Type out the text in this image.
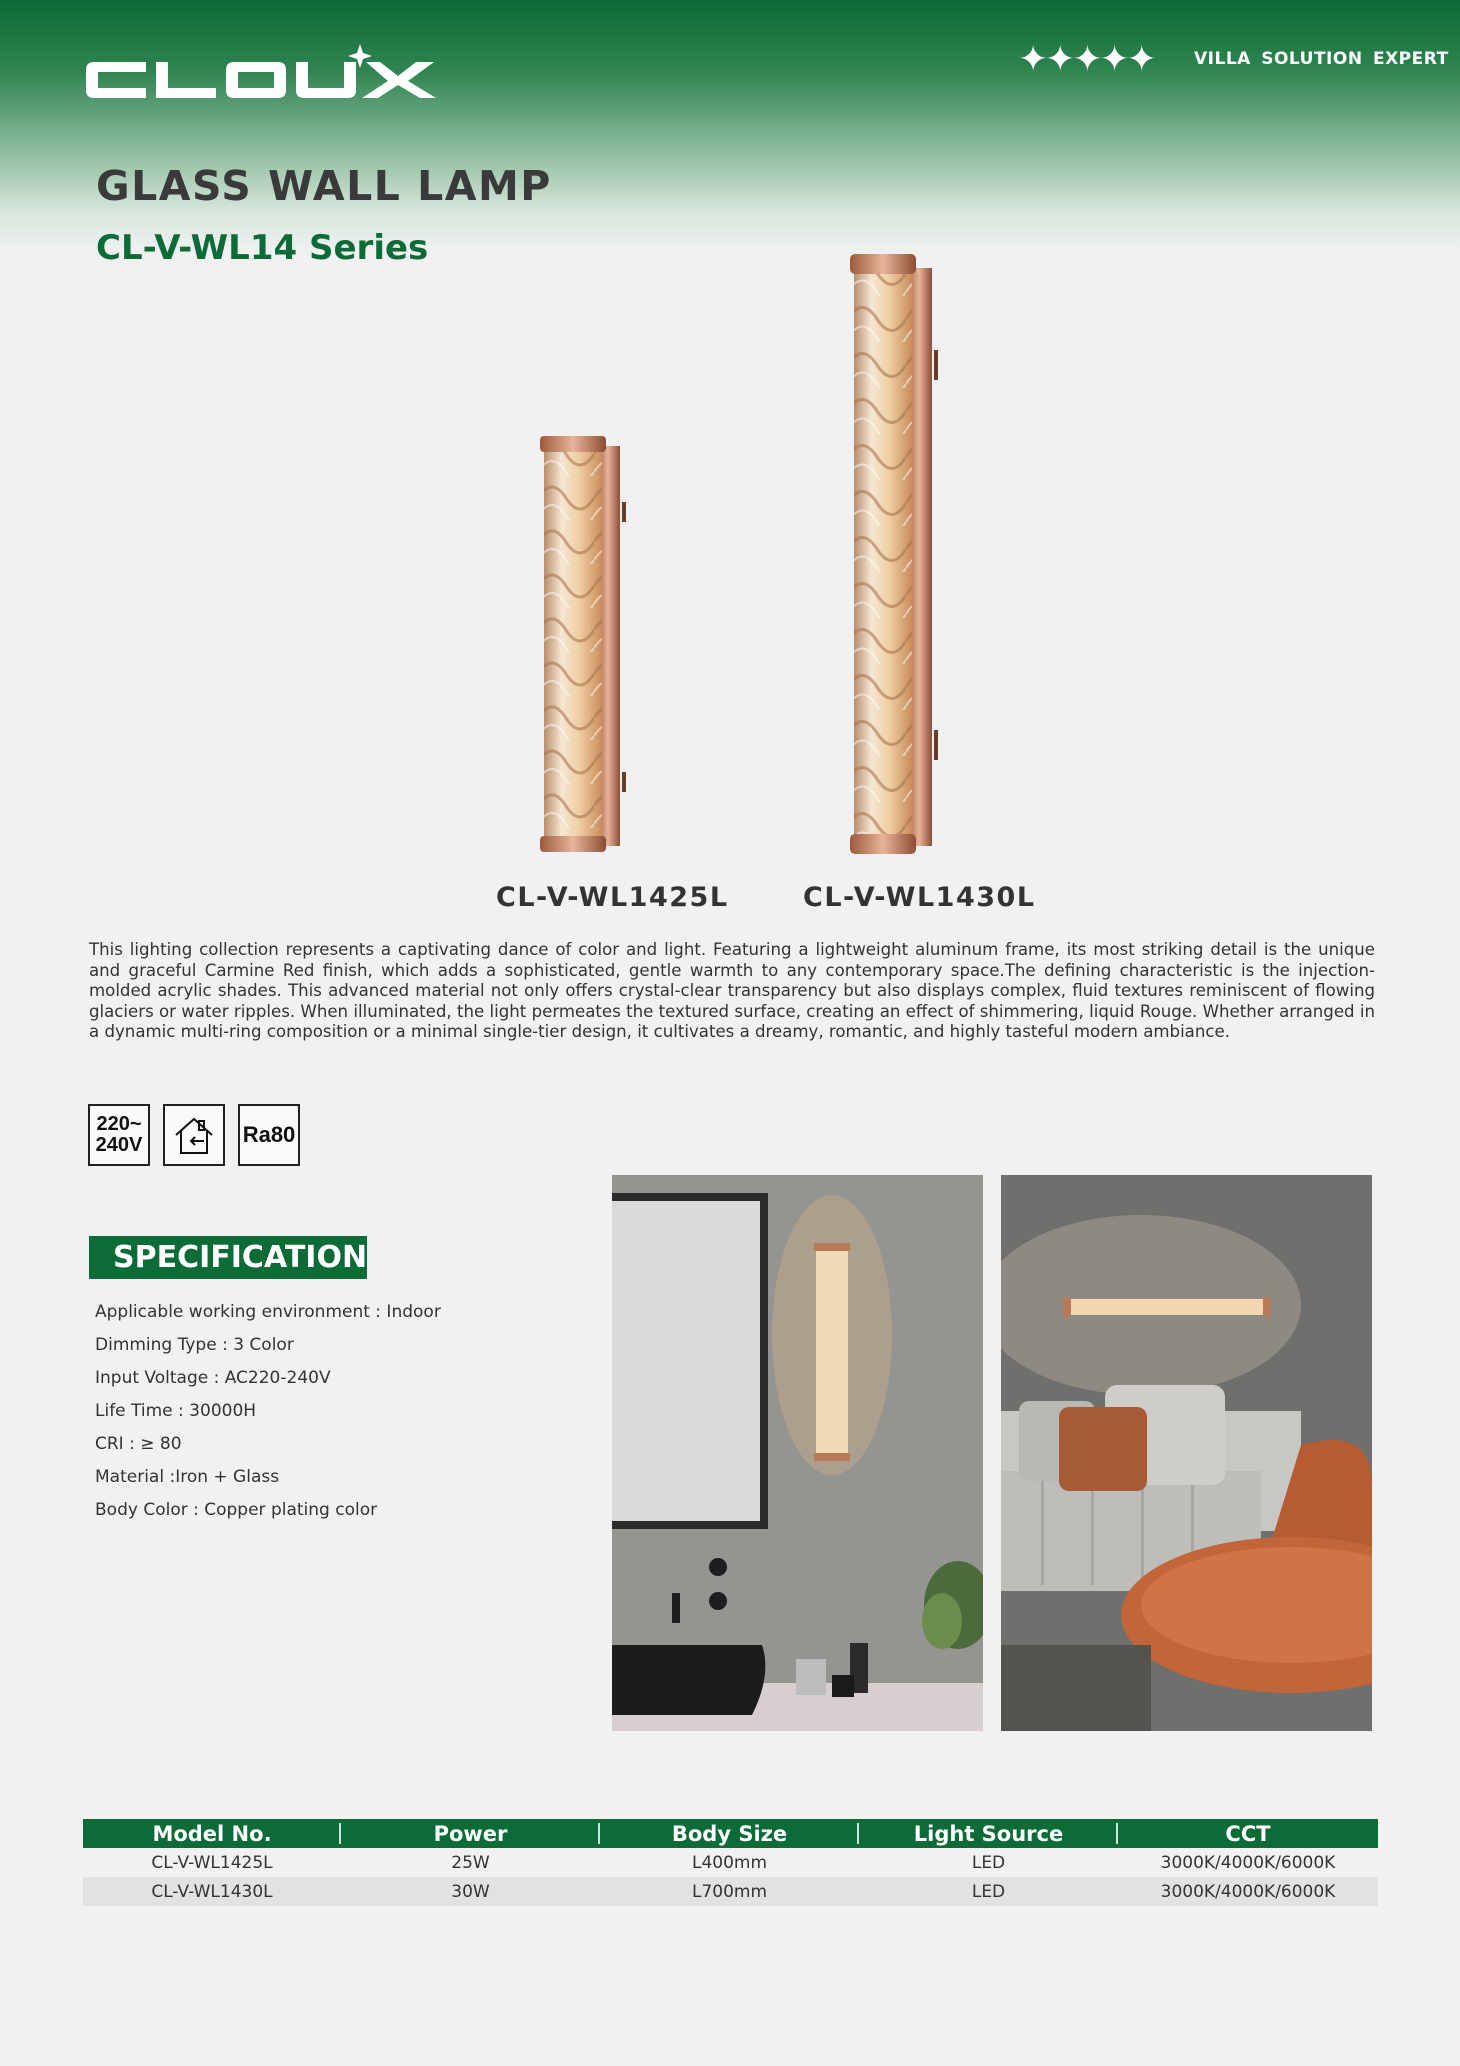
✦✦✦✦✦ VILLA SOLUTION EXPERT
GLASS WALL LAMP
CL-V-WL14 Series
CL-V-WL1425L	CL-V-WL1430L
This lighting collection represents a captivating dance of color and light. Featuring a lightweight aluminum frame, its most striking detail is the unique and graceful Carmine Red finish, which adds a sophisticated, gentle warmth to any contemporary space.The defining characteristic is the injection-molded acrylic shades. This advanced material not only offers crystal-clear transparency but also displays complex, fluid textures reminiscent of flowing glaciers or water ripples. When illuminated, the light permeates the textured surface, creating an effect of shimmering, liquid Rouge. Whether arranged in a dynamic multi-ring composition or a minimal single-tier design, it cultivates a dreamy, romantic, and highly tasteful modern ambiance.
220~
240V	Ra80
SPECIFICATION
Applicable working environment : Indoor
Dimming Type : 3 Color
Input Voltage : AC220-240V
Life Time : 30000H
CRI : ≥ 80
Material :Iron + Glass
Body Color : Copper plating color
Model No.	Power	Body Size	Light Source	CCT
CL-V-WL1425L	25W	L400mm	LED	3000K/4000K/6000K
CL-V-WL1430L	30W	L700mm	LED	3000K/4000K/6000K
